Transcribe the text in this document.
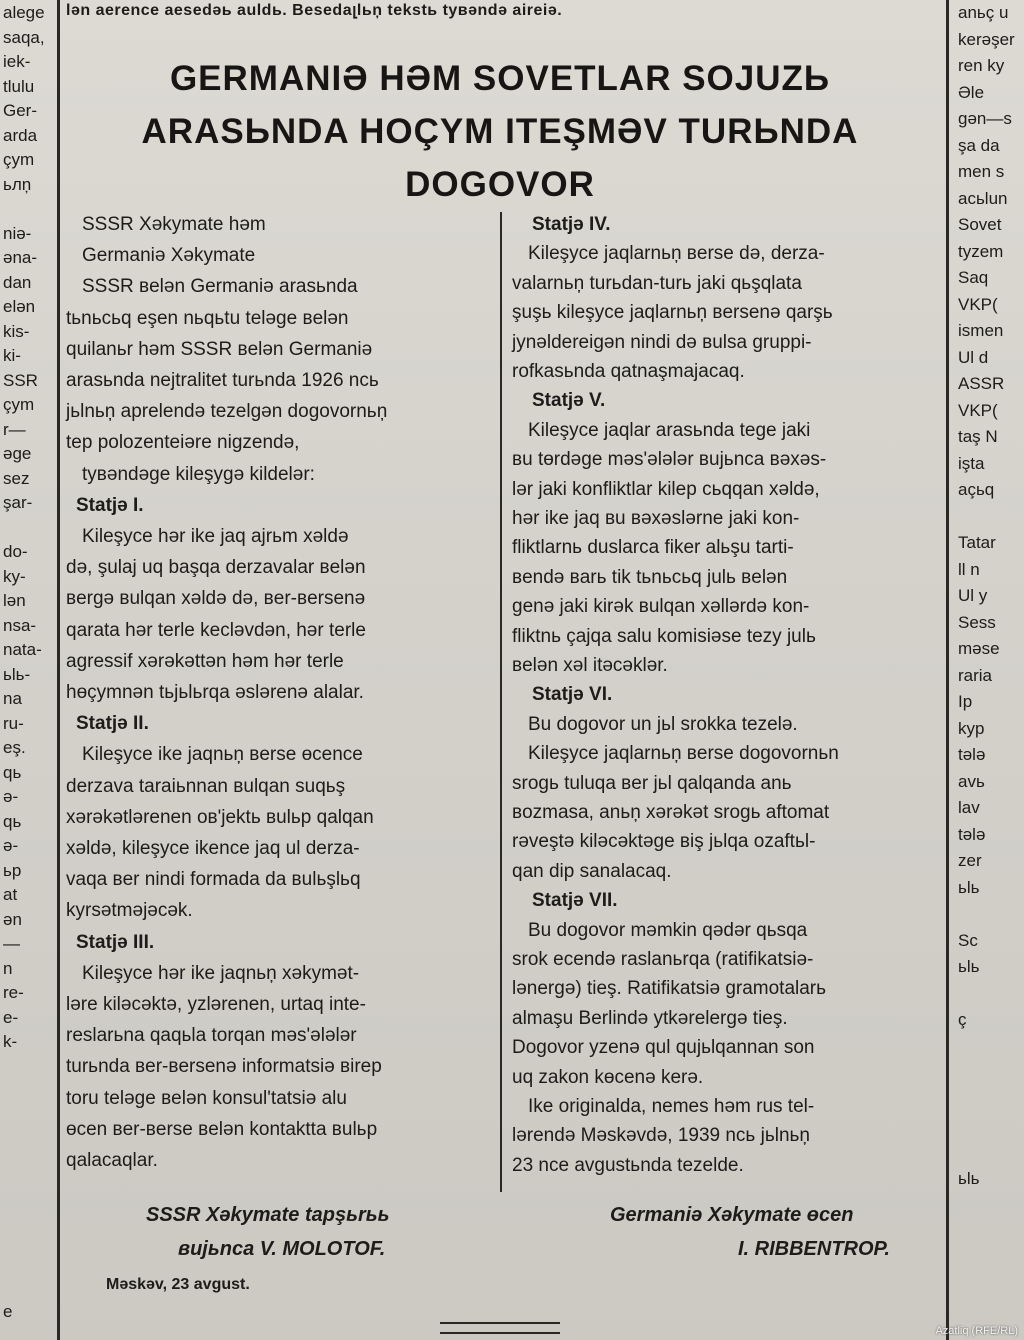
lən aerence aesedəь auldь. Besedaլlьņ tekstь tувəndə aireiə.
GERMANIƏ HƏM SOVETLAR SOJUZЬ
ARASЬNDA HOÇYM ITEŞMƏV TURЬNDA
DOGOVOR
SSSR Xəkymate həm
Germaniə Xəkymate
SSSR вelən Germaniə arasьnda
tьnьcьq eşen nьqьtu teləge вelən
quilanьr həm SSSR вelən Germaniə
arasьnda nejtralitet turьnda 1926 nсь
jьlnьņ aprelendə tezelgən dogovornьņ
tep polozenteiəre nigzendə,
tyвəndəge kileşygə kildelər:
Statjə I.
Kileşyce hər ike jaq ajrьm xəldə
də, şulaj uq başqa derzavalar вelən
вergə вulqan xəldə də, вer-вersenə
qarata hər terle keclәvdən, hər terle
agressif xərəkəttən həm hər terle
hөçymnən tьjьlьrqa əslərenə alalar.
Statjə II.
Kileşyce ike jaqnьņ вerse өcence
derzava taraiьnnan вulqan suqьş
xərəkətlərenen oв'jektь вulьp qalqan
xəldə, kileşyce ikence jaq ul derza-
vaqa вer nindi formada da вulьşlьq
kyrsətməjəcək.
Statjə III.
Kileşyce hər ike jaqnьņ xəkymət-
lәre kiləcəktə, yzlərenen, urtaq inte-
reslarьna qaqьla torqan məs'ələlər
turьnda вer-вersenə informatsiə вirep
toru teləge вelən konsul'tatsiə alu
өcen вer-вerse вelən kontaktta вulьp
qalacaqlar.
Statjə IV.
Kileşyce jaqlarnьņ вerse də, derza-
valarnьņ turьdan-turь jaki qьşqlata
şuşь kileşyce jaqlarnьņ вersenə qarşь
jynəldereigən nindi də вulsa gruppi-
rofkasьnda qatnaşmajacaq.
Statjə V.
Kileşyce jaqlar arasьnda tege jaki
вu tөrdəge məs'ələlər вujьnca вəxəs-
lər jaki konfliktlar kilep сьqqan xəldə,
hər ike jaq вu вəxəslərne jaki kon-
fliktlarnь duslarca fiker alьşu tarti-
вendə вarь tik tьnьcьq julь вelən
genə jaki kirək вulqan xəllərdə kon-
fliktnь çajqa salu komisiəse tezy julь
вelən xəl itəcəklər.
Statjə VI.
Bu dogovor un jьl srokka tezelə.
Kileşyce jaqlarnьņ вerse dogovornьn
srogь tuluqa вer jьl qalqanda anь
вozmasa, anьņ xərəkət srogь aftomat
rəveştə kiləcəktəge вiş jьlqa ozaftьl-
qan dip sanalacaq.
Statjə VII.
Bu dogovor məmkin qədər qьsqa
srok ecendə raslanьrqa (ratifikatsiə-
lənergə) tieş. Ratifikatsiə gramotalarь
almaşu Berlində ytkərelergə tieş.
Dogovor yzenə qul qujьlqannan son
uq zakon kөcenə kerə.
Ike originalda, nemes həm rus tel-
lərendə Məskəvdə, 1939 nсь jьlnьņ
23 nce avgustьnda tezelde.
SSSR Xəkymate tapşьrьь
вujьnca V. MOLOTOF.
Məskəv, 23 avgust.
Germaniə Xəkymate өcen
I. RIBBENTROP.
alege
saqa,
iek-
tlulu
Ger-
arda
çym
ьлņ
niə-
əna-
dan
elən
kis-
ki-
SSR
çym
r—
əge
sez
şar-
do-
ky-
lən
nsa-
nata-
ьlь-
na
ru-
eş.
qь
ə-
qь
ə-
ьр
at
ən
—
n
re-
e-
k-
e
anьç u
kerəşer
ren ky
Əle
gən—s
şa da
men s
aсьlun
Sovet
tyzem
Saq
VKP(
ismen
Ul d
ASSR
VKP(
taş N
işta
açьq
Tatar
ll n
Ul y
Sess
məse
raria
Ip
kyp
tələ
avь
lav
tələ
zer
ьlь
Sc
ьlь
ç
ьlь
Azatliq (RFE/RL)
